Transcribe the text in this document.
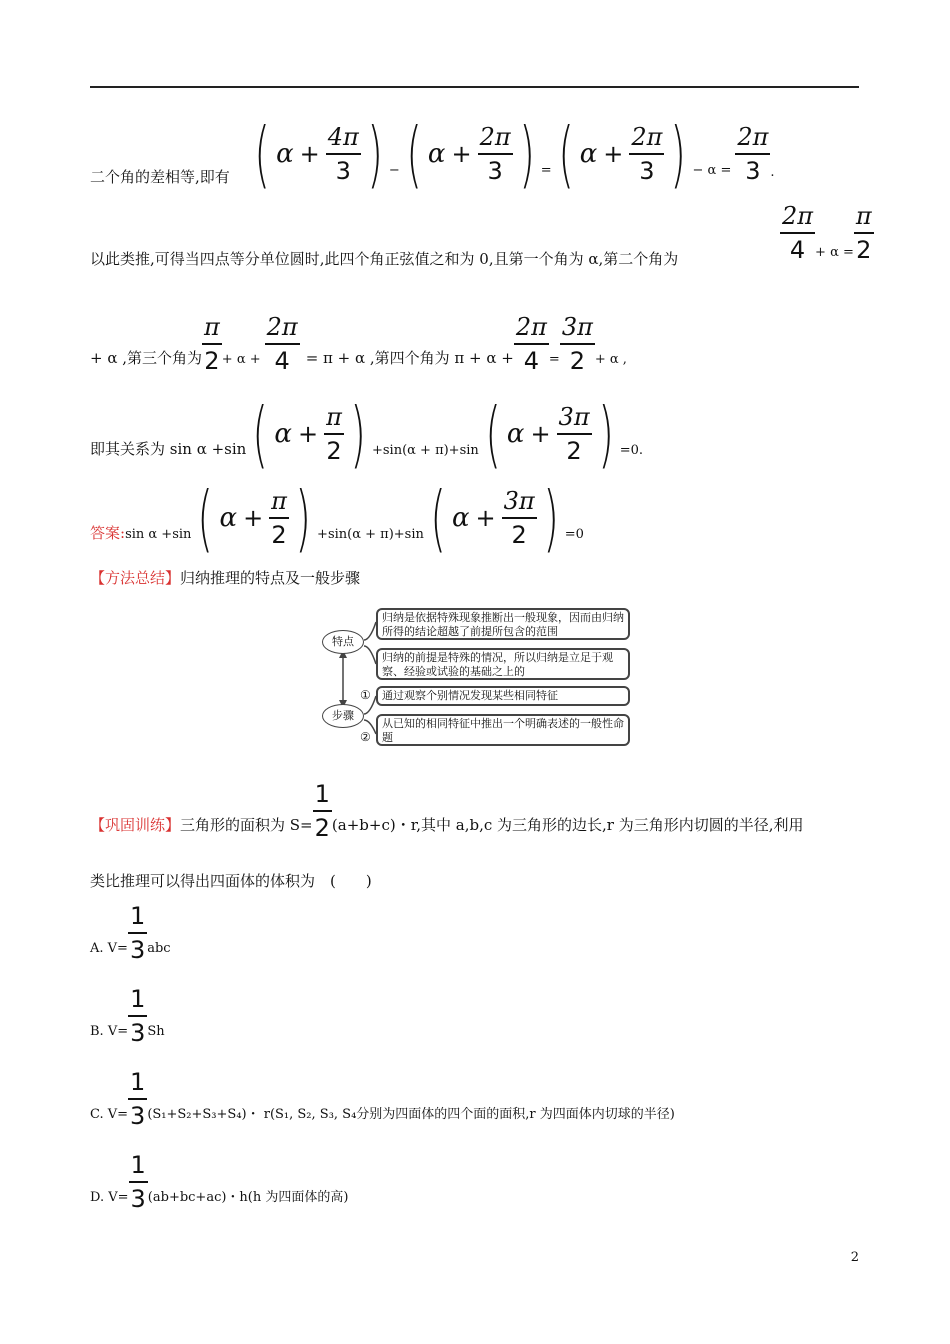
二个角的差相等,即有 ( $\alpha + \frac{4\pi}{3}$ ) − ( $\alpha + \frac{2\pi}{3}$ ) = ( $\alpha + \frac{2\pi}{3}$ ) − $\alpha = \frac{2\pi}{3}$ .
以此类推,可得当四点等分单位圆时,此四个角正弦值之和为 0,且第一个角为 α,第二个角为	$\frac{2\pi}{4} + \alpha = \frac{\pi}{2}$
+ α ,第三个角为 $\frac{\pi}{2} + \alpha + \frac{2\pi}{4} = \pi + \alpha$ ,第四个角为 $\pi + \alpha + \frac{2\pi}{4} = \frac{3\pi}{2} + \alpha$ ,
即其关系为 sin α +sin ( $\alpha + \frac{\pi}{2}$ ) +sin(α + π)+sin ( $\alpha + \frac{3\pi}{2}$ ) =0.
答案: sin α +sin ( $\alpha + \frac{\pi}{2}$ ) +sin(α + π)+sin ( $\alpha + \frac{3\pi}{2}$ ) =0
【方法总结】归纳推理的特点及一般步骤
特点
步骤
归纳是依据特殊现象推断出一般现象，因而由归纳所得的结论超越了前提所包含的范围
归纳的前提是特殊的情况，所以归纳是立足于观察、经验或试验的基础之上的
①	通过观察个别情况发现某些相同特征
②
从已知的相同特征中推出一个明确表述的一般性命题
【巩固训练】 三角形的面积为 $S= \frac{1}{2} (a+b+c)$・r,其中 a,b,c 为三角形的边长,r 为三角形内切圆的半径,利用
类比推理可以得出四面体的体积为　(　　)
A. $V= \frac{1}{3}$ abc
B. $V= \frac{1}{3}$ Sh
C. $V= \frac{1}{3} (S_1+S_2+S_3+S_4)$・ r(S₁, S₂, S₃, S₄分别为四面体的四个面的面积,r 为四面体内切球的半径)
D. $V= \frac{1}{3} (ab+bc+ac)$・h(h 为四面体的高)
2
